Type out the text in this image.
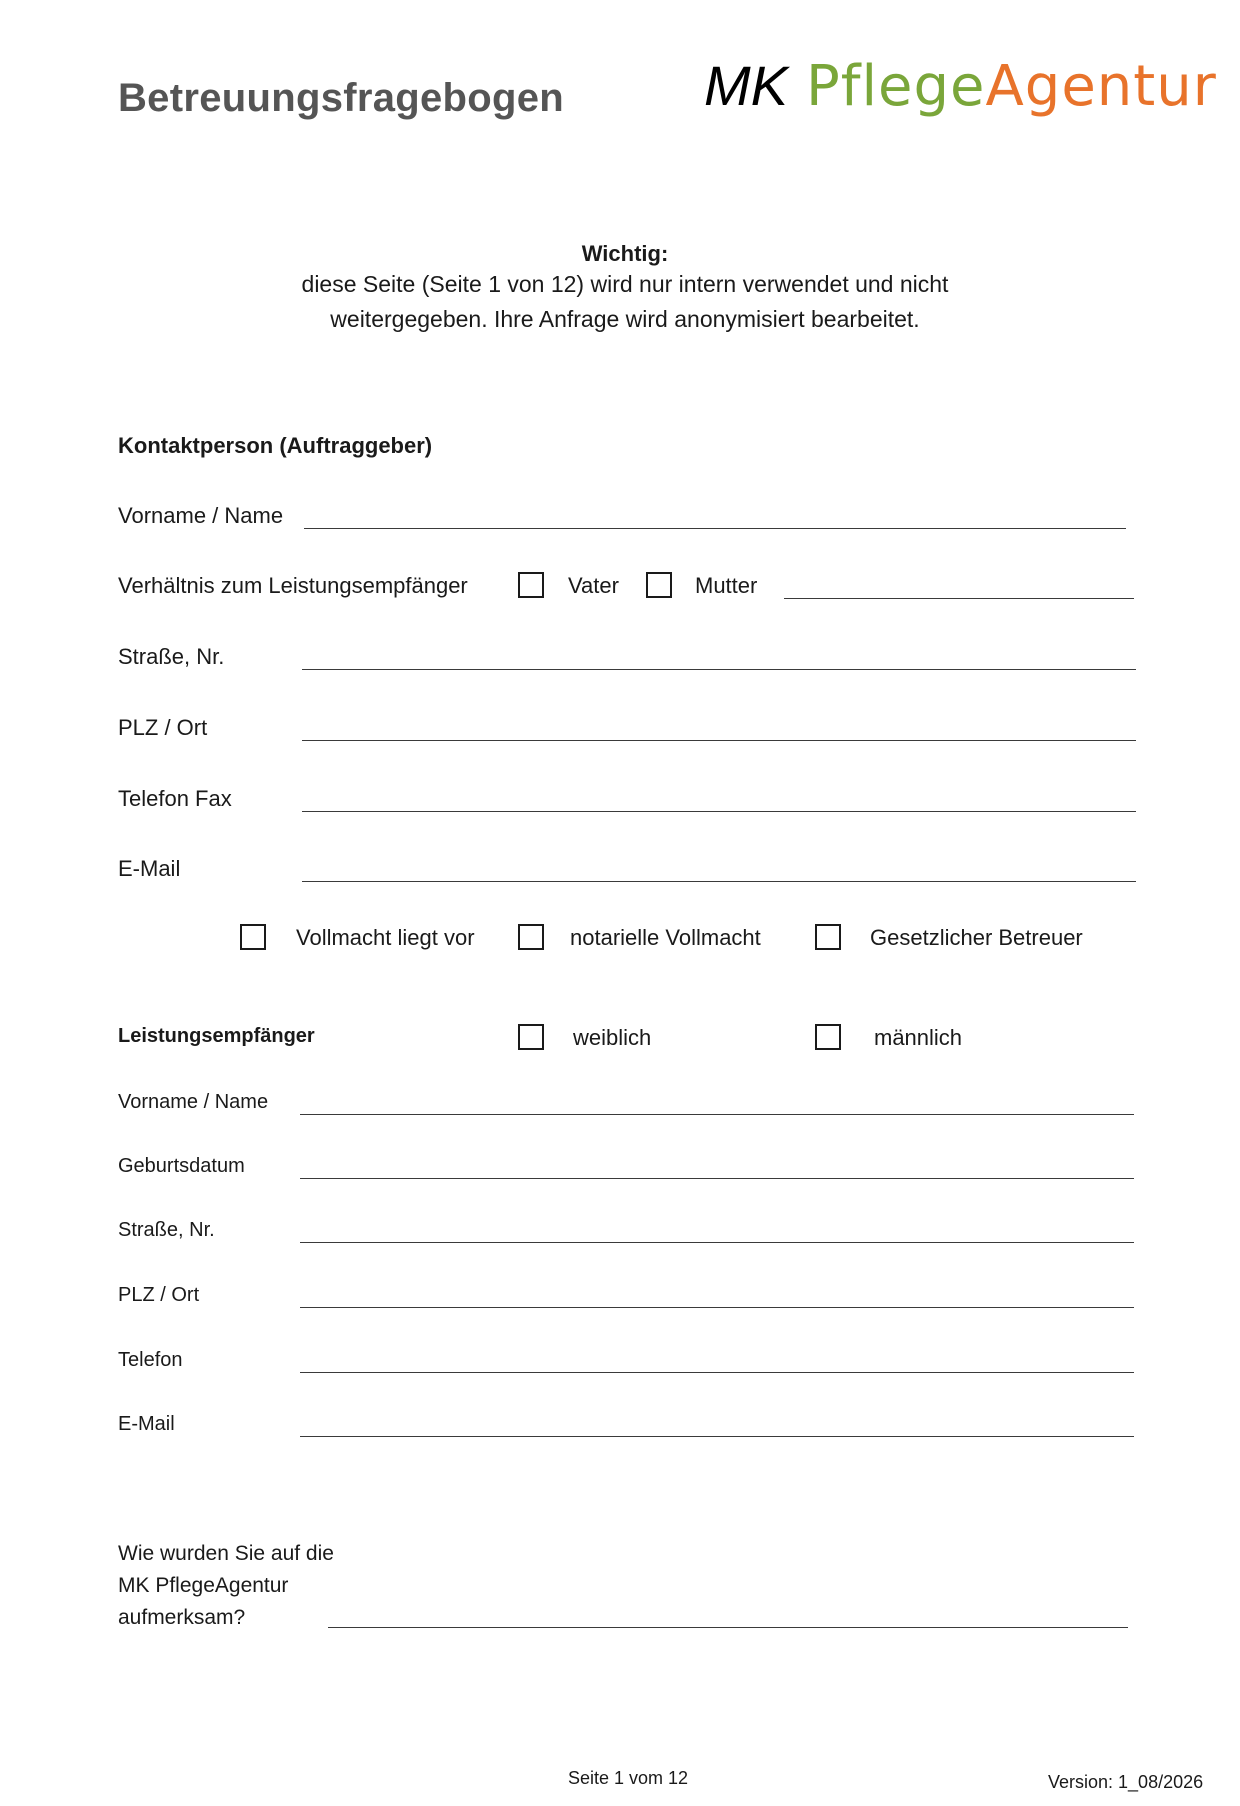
Betreuungsfragebogen MK PflegeAgentur
Wichtig:
diese Seite (Seite 1 von 12) wird nur intern verwendet und nicht
weitergegeben. Ihre Anfrage wird anonymisiert bearbeitet.
Kontaktperson (Auftraggeber)
Vorname / Name
Verhältnis zum Leistungsempfänger	Vater	Mutter
Straße, Nr.
PLZ / Ort
Telefon Fax
E-Mail
Vollmacht liegt vor	notarielle Vollmacht	Gesetzlicher Betreuer
Leistungsempfänger	weiblich	männlich
Vorname / Name
Geburtsdatum
Straße, Nr.
PLZ / Ort
Telefon
E-Mail
Wie wurden Sie auf die
MK PflegeAgentur
aufmerksam?
Seite 1 vom 12	Version: 1_08/2026
